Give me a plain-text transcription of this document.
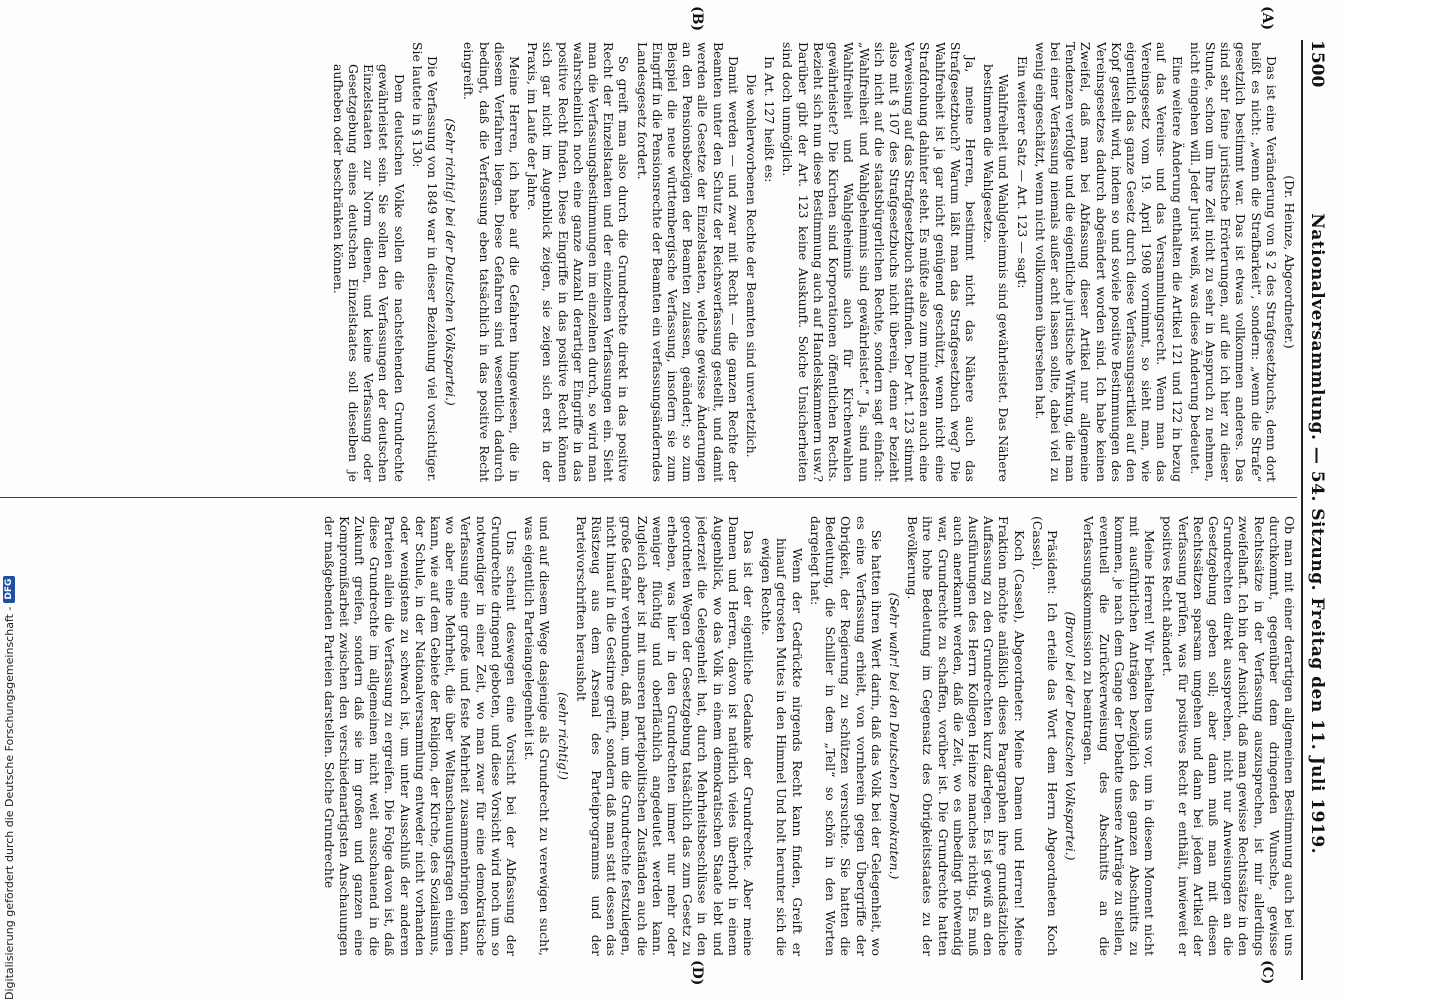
1500
Nationalversammlung. — 54. Sitzung. Freitag den 11. Juli 1919.
(A)
(B)
(C)
(D)

(Dr. Heinze, Abgeordneter.)

Das ist eine Veränderung von § 2 des Strafgesetzbuchs, denn dort heißt es nicht: „wenn die Strafbarkeit“, sondern: „wenn die Strafe“ gesetzlich bestimmt war. Das ist etwas vollkommen anderes. Das sind sehr feine juristische Erörterungen, auf die ich hier zu dieser Stunde, schon um Ihre Zeit nicht zu sehr in Anspruch zu nehmen, nicht eingehen will. Jeder Jurist weiß, was diese Änderung bedeutet.

Eine weitere Änderung enthalten die Artikel 121 und 122 in bezug auf das Vereins- und das Versammlungsrecht. Wenn man das Vereinsgesetz vom 19. April 1908 vornimmt, so sieht man, wie eigentlich das ganze Gesetz durch diese Verfassungsartikel auf den Kopf gestellt wird, indem so und soviele positive Bestimmungen des Vereinsgesetzes dadurch abgeändert worden sind. Ich habe keinen Zweifel, daß man bei Abfassung dieser Artikel nur allgemeine Tendenzen verfolgte und die eigentliche juristische Wirkung, die man bei einer Verfassung niemals außer acht lassen sollte, dabei viel zu wenig eingeschätzt, wenn nicht vollkommen übersehen hat.

Ein weiterer Satz — Art. 123 — sagt:

Wahlfreiheit und Wahlgeheimnis sind gewährleistet. Das Nähere bestimmen die Wahlgesetze.

Ja, meine Herren, bestimmt nicht das Nähere auch das Strafgesetzbuch? Warum läßt man das Strafgesetzbuch weg? Die Wahlfreiheit ist ja gar nicht genügend geschützt, wenn nicht eine Strafdrohung dahinter steht. Es müßte also zum mindesten auch eine Verweisung auf das Strafgesetzbuch stattfinden. Der Art. 123 stimmt also mit § 107 des Strafgesetzbuchs nicht überein, denn er bezieht sich nicht auf die staatsbürgerlichen Rechte, sondern sagt einfach: „Wahlfreiheit und Wahlgeheimnis sind gewährleistet.“ Ja, sind nun Wahlfreiheit und Wahlgeheimnis auch für Kirchenwahlen gewährleistet? Die Kirchen sind Korporationen öffentlichen Rechts. Bezieht sich nun diese Bestimmung auch auf Handelskammern usw.? Darüber gibt der Art. 123 keine Auskunft. Solche Unsicherheiten sind doch unmöglich.

In Art. 127 heißt es:

Die wohlerworbenen Rechte der Beamten sind unverletzlich.

Damit werden — und zwar mit Recht — die ganzen Rechte der Beamten unter den Schutz der Reichsverfassung gestellt, und damit werden alle Gesetze der Einzelstaaten, welche gewisse Änderungen an den Pensionsbezügen der Beamten zulassen, geändert; so zum Beispiel die neue württembergische Verfassung, insofern sie zum Eingriff in die Pensionsrechte der Beamten ein verfassungsänderndes Landesgesetz fordert.

So greift man also durch die Grundrechte direkt in das positive Recht der Einzelstaaten und der einzelnen Verfassungen ein. Sieht man die Verfassungsbestimmungen im einzelnen durch, so wird man wahrscheinlich noch eine ganze Anzahl derartiger Eingriffe in das positive Recht finden. Diese Eingriffe in das positive Recht können sich gar nicht im Augenblick zeigen, sie zeigen sich erst in der Praxis, im Laufe der Jahre.

Meine Herren, ich habe auf die Gefahren hingewiesen, die in diesem Verfahren liegen. Diese Gefahren sind wesentlich dadurch bedingt, daß die Verfassung eben tatsächlich in das positive Recht eingreift.

(Sehr richtig! bei der Deutschen Volkspartei.)

Die Verfassung von 1849 war in dieser Beziehung viel vorsichtiger. Sie lautete in § 130:

Dem deutschen Volke sollen die nachstehenden Grundrechte gewährleistet sein. Sie sollen den Verfassungen der deutschen Einzelstaaten zur Norm dienen, und keine Verfassung oder Gesetzgebung eines deutschen Einzelstaates soll dieselben je aufheben oder beschränken können.

Ob man mit einer derartigen allgemeinen Bestimmung auch bei uns durchkommt, gegenüber dem dringenden Wunsche, gewisse Rechtssätze in der Verfassung auszusprechen, ist mir allerdings zweifelhaft. Ich bin der Ansicht, daß man gewisse Rechtssätze in den Grundrechten direkt aussprechen, nicht nur Anweisungen an die Gesetzgebung geben soll; aber dann muß man mit diesen Rechtssätzen sparsam umgehen und dann bei jedem Artikel der Verfassung prüfen, was für positives Recht er enthält, inwieweit er positives Recht abändert.

Meine Herren! Wir behalten uns vor, um in diesem Moment nicht mit ausführlichen Anträgen bezüglich des ganzen Abschnitts zu kommen, je nach dem Gange der Debatte unsere Anträge zu stellen, eventuell die Zurückverweisung des Abschnitts an die Verfassungskommission zu beantragen.

(Bravo! bei der Deutschen Volkspartei.)

Präsident: Ich erteile das Wort dem Herrn Abgeordneten Koch (Cassel).

Koch (Cassel), Abgeordneter: Meine Damen und Herren! Meine Fraktion möchte anläßlich dieses Paragraphen ihre grundsätzliche Auffassung zu den Grundrechten kurz darlegen. Es ist gewiß an den Ausführungen des Herrn Kollegen Heinze manches richtig. Es muß auch anerkannt werden, daß die Zeit, wo es unbedingt notwendig war, Grundrechte zu schaffen, vorüber ist. Die Grundrechte hatten ihre hohe Bedeutung im Gegensatz des Obrigkeitsstaates zu der Bevölkerung.

(Sehr wahr! bei den Deutschen Demokraten.)

Sie hatten ihren Wert darin, daß das Volk bei der Gelegenheit, wo es eine Verfassung erhielt, von vornherein gegen Übergriffe der Obrigkeit, der Regierung zu schützen versuchte. Sie hatten die Bedeutung, die Schiller in dem „Tell“ so schön in den Worten dargelegt hat:

Wenn der Gedrückte nirgends Recht kann finden, Greift er hinauf getrosten Mutes in den Himmel Und holt herunter sich die ewigen Rechte.

Das ist der eigentliche Gedanke der Grundrechte. Aber meine Damen und Herren, davon ist natürlich vieles überholt in einem Augenblick, wo das Volk in einem demokratischen Staate lebt und jederzeit die Gelegenheit hat, durch Mehrheitsbeschlüsse in den geordneten Wegen der Gesetzgebung tatsächlich das zum Gesetz zu erheben, was hier in den Grundrechten immer nur mehr oder weniger flüchtig und oberflächlich angedeutet werden kann. Zugleich aber ist mit unseren parteipolitischen Zuständen auch die große Gefahr verbunden, daß man, um die Grundrechte festzulegen, nicht hinauf in die Gestirne greift, sondern daß man statt dessen das Rüstzeug aus dem Arsenal des Parteiprogramms und der Parteivorschriften herausholt

(sehr richtig!)

und auf diesem Wege dasjenige als Grundrecht zu verewigen sucht, was eigentlich Parteiangelegenheit ist.

Uns scheint deswegen eine Vorsicht bei der Abfassung der Grundrechte dringend geboten, und diese Vorsicht wird noch um so notwendiger in einer Zeit, wo man zwar für eine demokratische Verfassung eine große und feste Mehrheit zusammenbringen kann, wo aber eine Mehrheit, die über Weltanschauungsfragen einigen kann, wie auf dem Gebiete der Religion, der Kirche, des Sozialismus, der Schule, in der Nationalversammlung entweder nicht vorhanden oder wenigstens zu schwach ist, um unter Ausschluß der anderen Parteien allein die Verfassung zu ergreifen. Die Folge davon ist, daß diese Grundrechte im allgemeinen nicht weit ausschauend in die Zukunft greifen, sondern daß sie im großen und ganzen eine Kompromißarbeit zwischen den verschiedenartigsten Anschauungen der maßgebenden Parteien darstellen. Solche Grundrechte

Digitalisierung gefördert durch die Deutsche Forschungsgemeinschaft -
DFG
